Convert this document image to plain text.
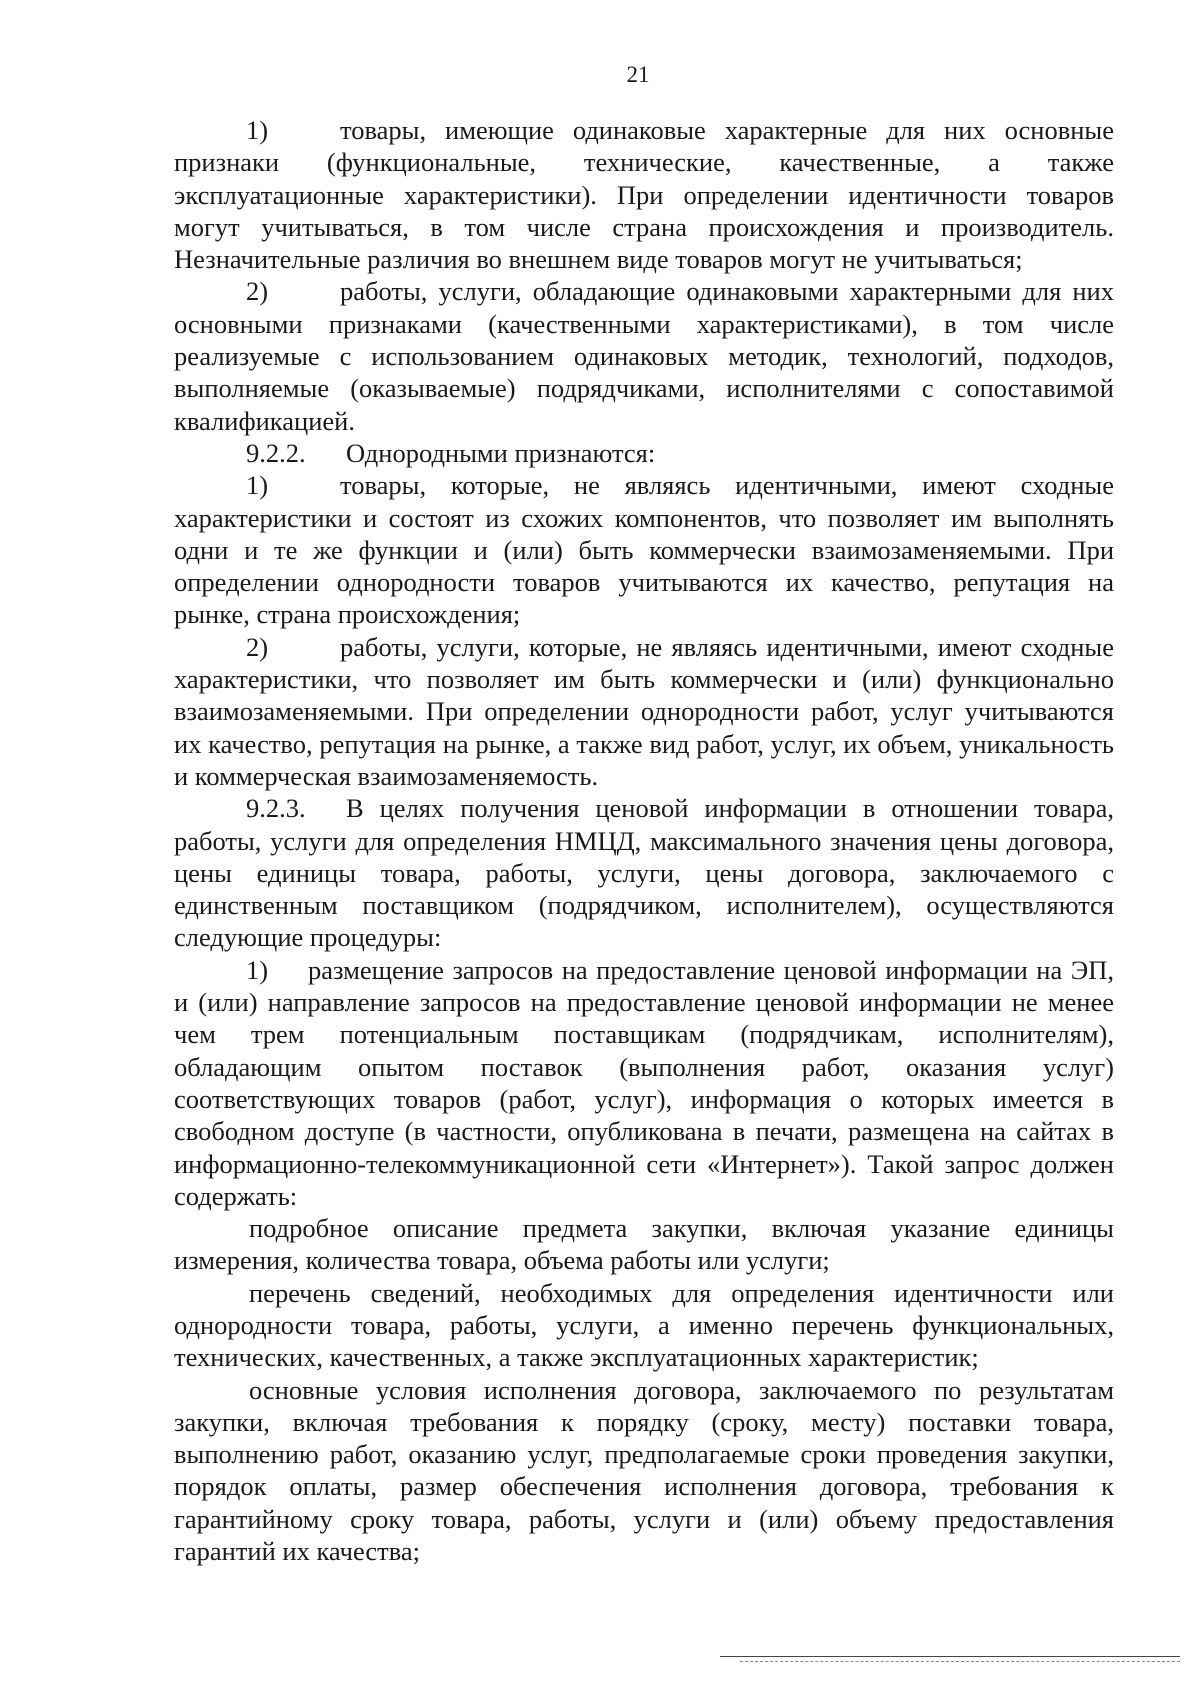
21

1)	товары, имеющие одинаковые характерные для них основные признаки (функциональные, технические, качественные, а также эксплуатационные характеристики). При определении идентичности товаров могут учитываться, в том числе страна происхождения и производитель. Незначительные различия во внешнем виде товаров могут не учитываться;

2)	работы, услуги, обладающие одинаковыми характерными для них основными признаками (качественными характеристиками), в том числе реализуемые с использованием одинаковых методик, технологий, подходов, выполняемые (оказываемые) подрядчиками, исполнителями с сопоставимой квалификацией.

9.2.2. Однородными признаются:

1)	товары, которые, не являясь идентичными, имеют сходные характеристики и состоят из схожих компонентов, что позволяет им выполнять одни и те же функции и (или) быть коммерчески взаимозаменяемыми. При определении однородности товаров учитываются их качество, репутация на рынке, страна происхождения;

2)	работы, услуги, которые, не являясь идентичными, имеют сходные характеристики, что позволяет им быть коммерчески и (или) функционально взаимозаменяемыми. При определении однородности работ, услуг учитываются их качество, репутация на рынке, а также вид работ, услуг, их объем, уникальность и коммерческая взаимозаменяемость.

9.2.3. В целях получения ценовой информации в отношении товара, работы, услуги для определения НМЦД, максимального значения цены договора, цены единицы товара, работы, услуги, цены договора, заключаемого с единственным поставщиком (подрядчиком, исполнителем), осуществляются следующие процедуры:

1) размещение запросов на предоставление ценовой информации на ЭП, и (или) направление запросов на предоставление ценовой информации не менее чем трем потенциальным поставщикам (подрядчикам, исполнителям), обладающим опытом поставок (выполнения работ, оказания услуг) соответствующих товаров (работ, услуг), информация о которых имеется в свободном доступе (в частности, опубликована в печати, размещена на сайтах в информационно-телекоммуникационной сети «Интернет»). Такой запрос должен содержать:

подробное описание предмета закупки, включая указание единицы измерения, количества товара, объема работы или услуги;

перечень сведений, необходимых для определения идентичности или однородности товара, работы, услуги, а именно перечень функциональных, технических, качественных, а также эксплуатационных характеристик;

основные условия исполнения договора, заключаемого по результатам закупки, включая требования к порядку (сроку, месту) поставки товара, выполнению работ, оказанию услуг, предполагаемые сроки проведения закупки, порядок оплаты, размер обеспечения исполнения договора, требования к гарантийному сроку товара, работы, услуги и (или) объему предоставления гарантий их качества;
